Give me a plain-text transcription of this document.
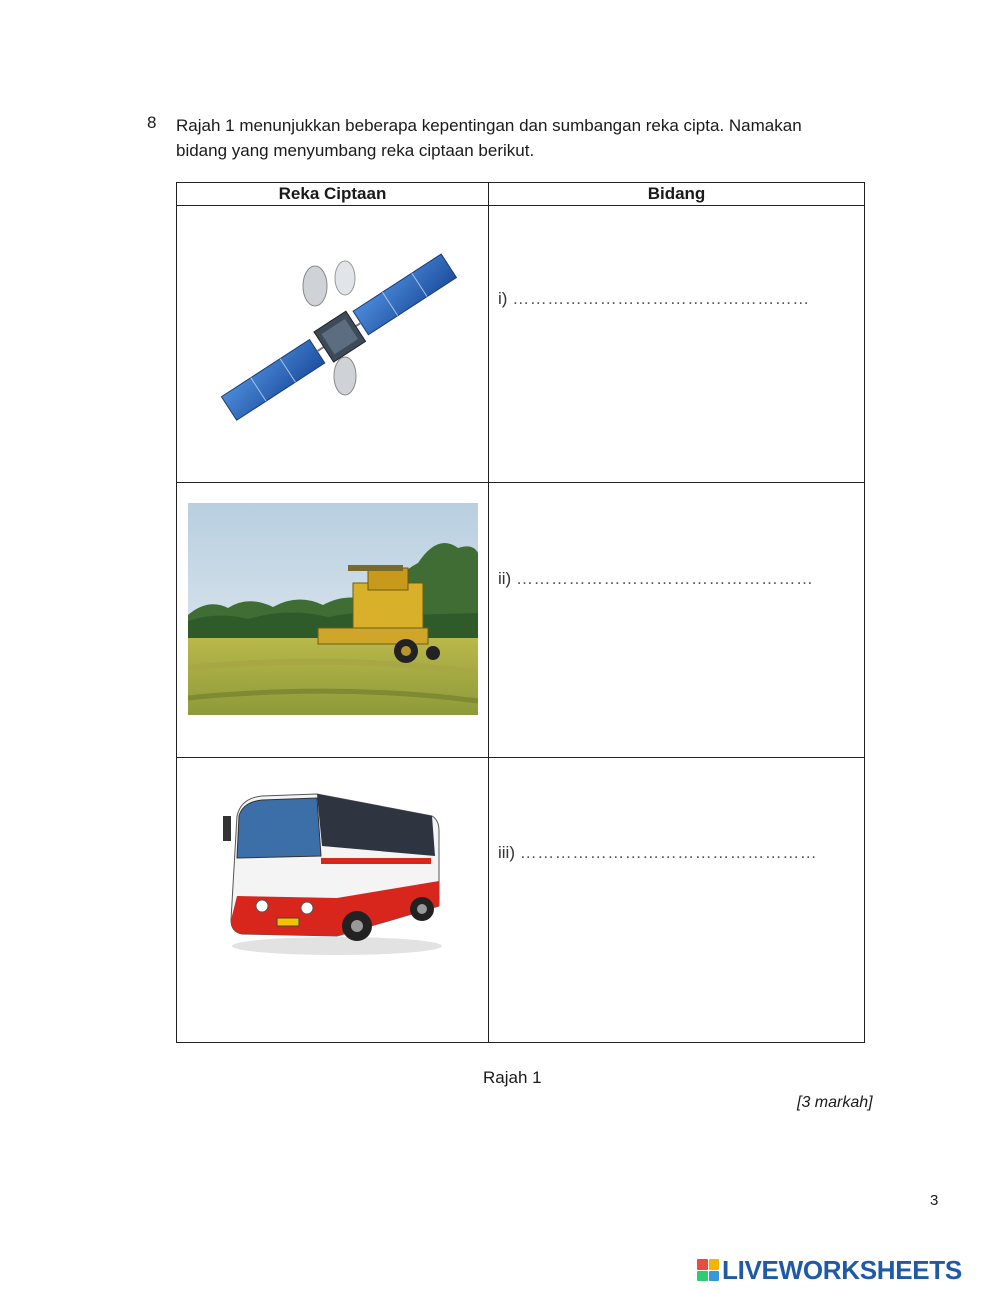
8 Rajah 1 menunjukkan beberapa kepentingan dan sumbangan reka cipta. Namakan
bidang yang menyumbang reka ciptaan berikut.
Reka Ciptaan	Bidang

i) ……………………………………………

ii) ……………………………………………

iii) ……………………………………………
Rajah 1
[3 markah]
3
LIVEWORKSHEETS
